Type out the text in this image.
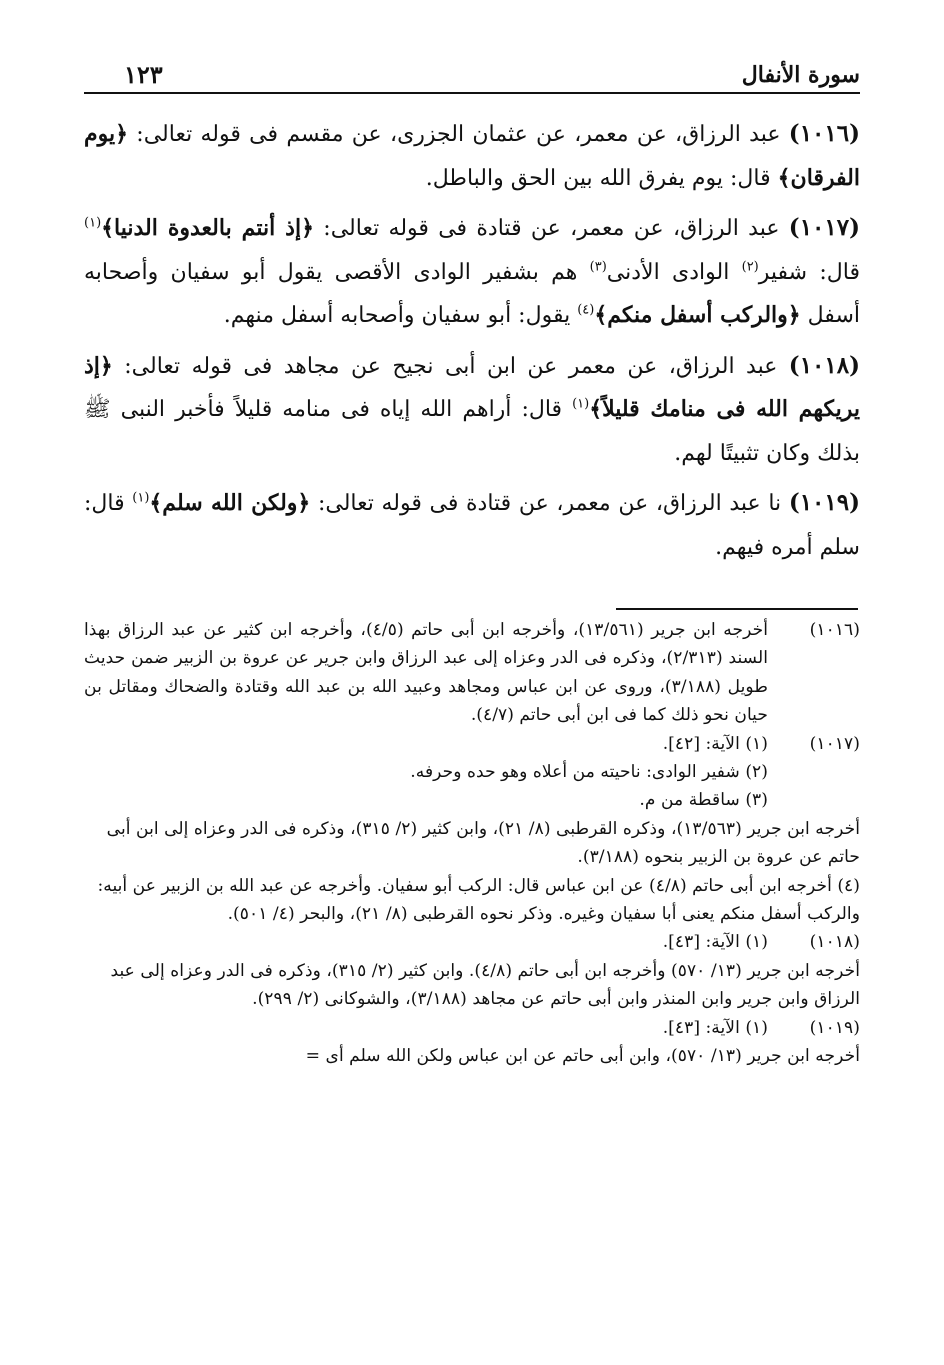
سورة الأنفال
١٢٣

(١٠١٦) عبد الرزاق، عن معمر، عن عثمان الجزرى، عن مقسم فى قوله تعالى: ﴿يوم الفرقان﴾ قال: يوم يفرق الله بين الحق والباطل.

(١٠١٧) عبد الرزاق، عن معمر، عن قتادة فى قوله تعالى: ﴿إذ أنتم بالعدوة الدنيا﴾$^{(١)}$ قال: شفير$^{(٢)}$ الوادى الأدنى$^{(٣)}$ هم بشفير الوادى الأقصى يقول أبو سفيان وأصحابه أسفل ﴿والركب أسفل منكم﴾$^{(٤)}$ يقول: أبو سفيان وأصحابه أسفل منهم.

(١٠١٨) عبد الرزاق، عن معمر عن ابن أبى نجيح عن مجاهد فى قوله تعالى: ﴿إذ يريكهم الله فى منامك قليلاً﴾$^{(١)}$ قال: أراهم الله إياه فى منامه قليلاً فأخبر النبى ﷺ بذلك وكان تثبيتًا لهم.

(١٠١٩) نا عبد الرزاق، عن معمر، عن قتادة فى قوله تعالى: ﴿ولكن الله سلم﴾$^{(١)}$ قال: سلم أمره فيهم.

(١٠١٦)
أخرجه ابن جرير (١٣/٥٦١)، وأخرجه ابن أبى حاتم (٤/٥)، وأخرجه ابن كثير عن عبد الرزاق بهذا السند (٢/٣١٣)، وذكره فى الدر وعزاه إلى عبد الرزاق وابن جرير عن عروة بن الزبير ضمن حديث طويل (٣/١٨٨)، وروى عن ابن عباس ومجاهد وعبيد الله بن عبد الله وقتادة والضحاك ومقاتل بن حيان نحو ذلك كما فى ابن أبى حاتم (٤/٧).
(١٠١٧)
(١) الآية: [٤٢].
(٢) شفير الوادى: ناحيته من أعلاه وهو حده وحرفه.
(٣) ساقطة من م.
أخرجه ابن جرير (١٣/٥٦٣)، وذكره القرطبى (٨/ ٢١)، وابن كثير (٢/ ٣١٥)، وذكره فى الدر وعزاه إلى ابن أبى حاتم عن عروة بن الزبير بنحوه (٣/١٨٨).
(٤) أخرجه ابن أبى حاتم (٤/٨) عن ابن عباس قال: الركب أبو سفيان. وأخرجه عن عبد الله بن الزبير عن أبيه: والركب أسفل منكم يعنى أبا سفيان وغيره. وذكر نحوه القرطبى (٨/ ٢١)، والبحر (٤/ ٥٠١).
(١٠١٨)
(١) الآية: [٤٣].
أخرجه ابن جرير (١٣/ ٥٧٠) وأخرجه ابن أبى حاتم (٤/٨). وابن كثير (٢/ ٣١٥)، وذكره فى الدر وعزاه إلى عبد الرزاق وابن جرير وابن المنذر وابن أبى حاتم عن مجاهد (٣/١٨٨)، والشوكانى (٢/ ٢٩٩).
(١٠١٩)
(١) الآية: [٤٣].
أخرجه ابن جرير (١٣/ ٥٧٠)، وابن أبى حاتم عن ابن عباس ولكن الله سلم أى =
